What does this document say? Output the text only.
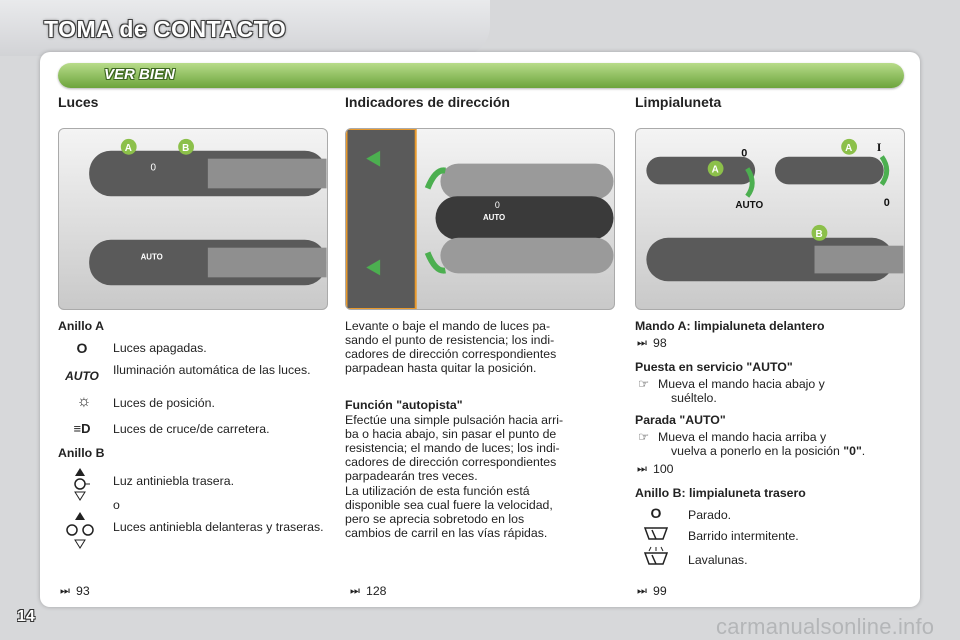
TOMA de CONTACTO
VER BIEN
Luces
0
AUTO
A	B
Anillo A
O	Luces apagadas.
AUTO Iluminación automática de las luces.
☼	Luces de posición.
≡D	Luces de cruce/de carretera.
Anillo B
Luz antiniebla trasera.
o
Luces antiniebla delanteras y traseras.
⏭ 93
Indicadores de dirección
AUTO
0
Levante o baje el mando de luces pa-
sando el punto de resistencia; los indi-
cadores de dirección correspondientes
parpadean hasta quitar la posición.
Función "autopista"
Efectúe una simple pulsación hacia arri-
ba o hacia abajo, sin pasar el punto de
resistencia; el mando de luces; los indi-
cadores de dirección correspondientes
parpadearán tres veces.
La utilización de esta función está
disponible sea cual fuere la velocidad,
pero se aprecia sobretodo en los
cambios de carril en las vías rápidas.
⏭ 128
Limpialuneta
A
A
B
0
AUTO
I
0
Mando A: limpialuneta delantero
⏭ 98
Puesta en servicio "AUTO"
☞ Mueva el mando hacia abajo y
suéltelo.
Parada "AUTO"
☞ Mueva el mando hacia arriba y
vuelva a ponerlo en la posición "0".
⏭ 100
Anillo B: limpialuneta trasero
O	Parado.
Barrido intermitente.
Lavalunas.
⏭ 99
14	carmanualsonline.info
